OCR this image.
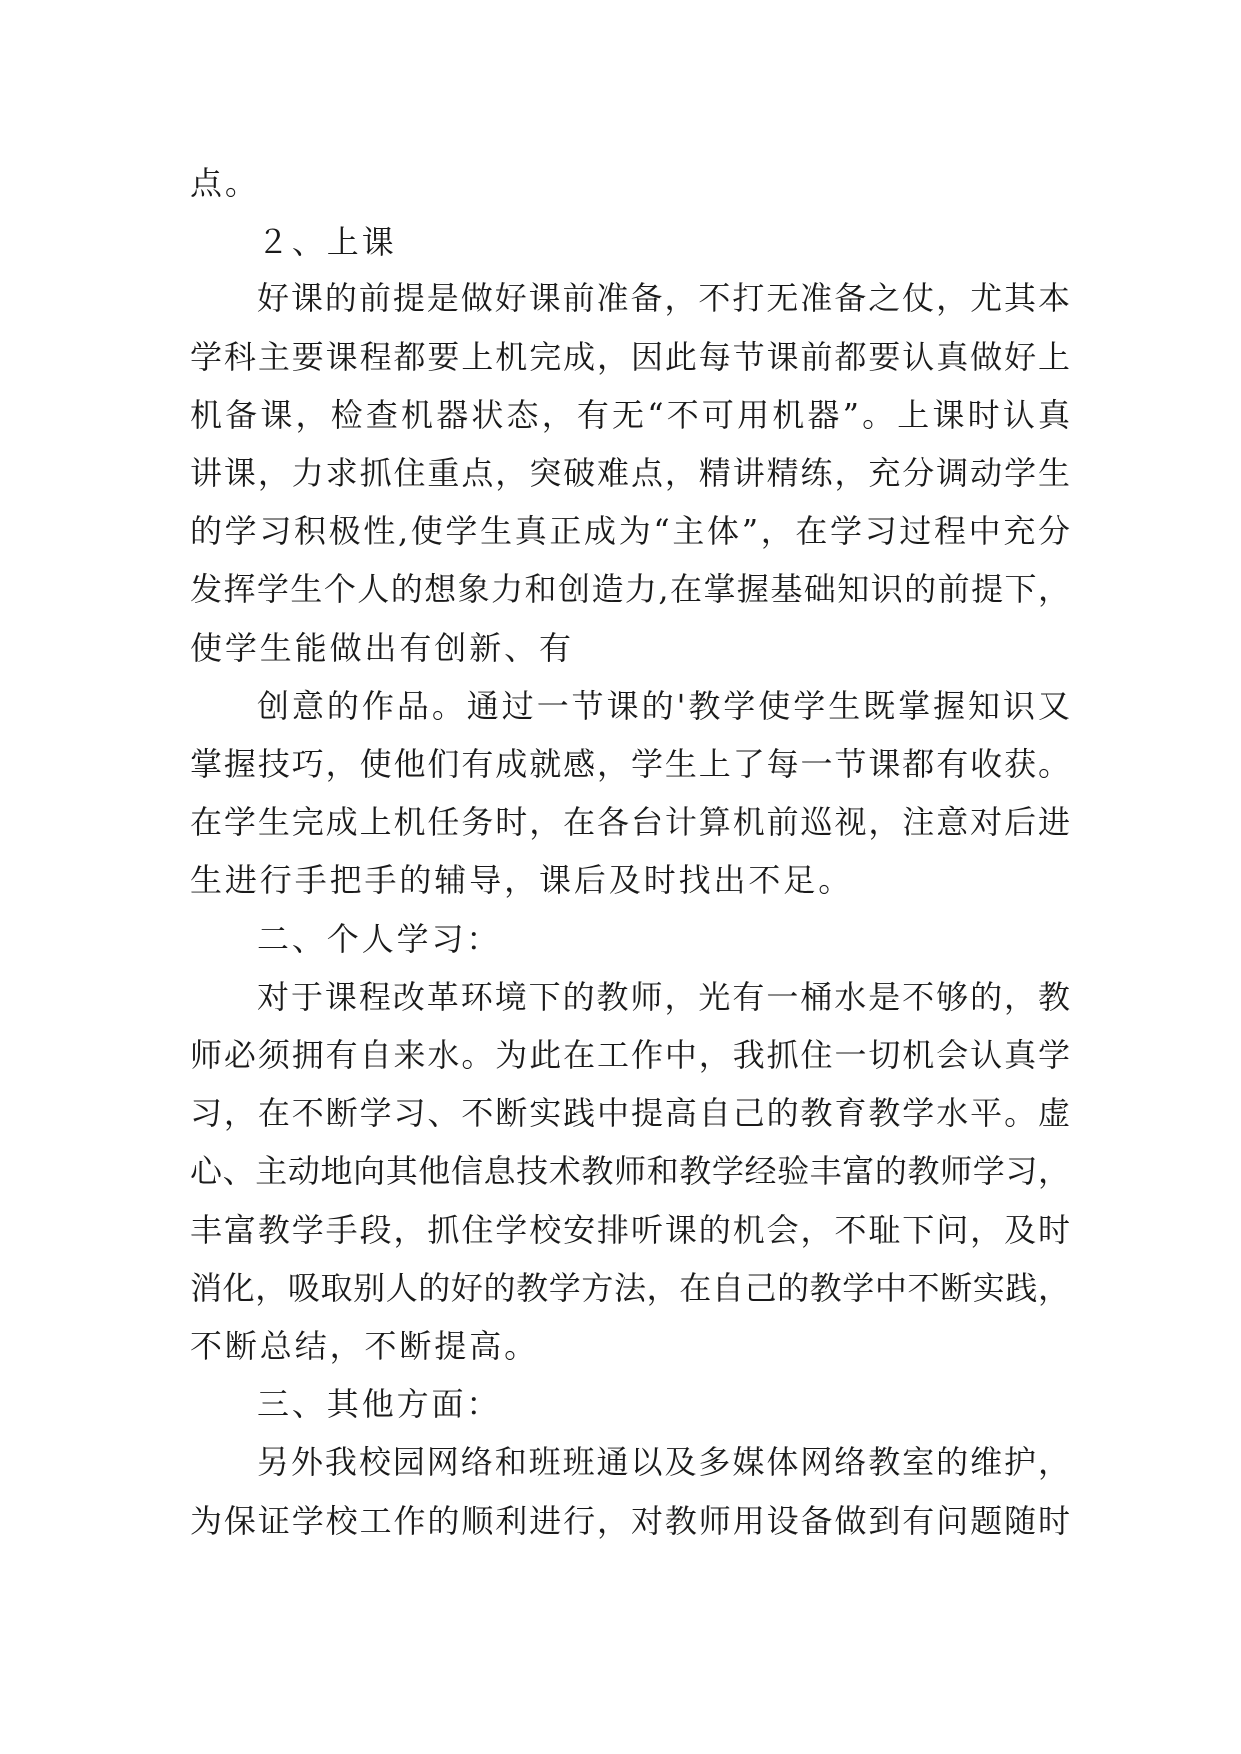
点。
２、上课
好课的前提是做好课前准备，不打无准备之仗，尤其本
学科主要课程都要上机完成，因此每节课前都要认真做好上
机备课，检查机器状态，有无“不可用机器”。上课时认真
讲课，力求抓住重点，突破难点，精讲精练，充分调动学生
的学习积极性,使学生真正成为“主体”，在学习过程中充分
发挥学生个人的想象力和创造力,在掌握基础知识的前提下，
使学生能做出有创新、有
创意的作品。通过一节课的'教学使学生既掌握知识又
掌握技巧，使他们有成就感，学生上了每一节课都有收获。
在学生完成上机任务时，在各台计算机前巡视，注意对后进
生进行手把手的辅导，课后及时找出不足。
二、个人学习：
对于课程改革环境下的教师，光有一桶水是不够的，教
师必须拥有自来水。为此在工作中，我抓住一切机会认真学
习，在不断学习、不断实践中提高自己的教育教学水平。虚
心、主动地向其他信息技术教师和教学经验丰富的教师学习，
丰富教学手段，抓住学校安排听课的机会，不耻下问，及时
消化，吸取别人的好的教学方法，在自己的教学中不断实践，
不断总结，不断提高。
三、其他方面：
另外我校园网络和班班通以及多媒体网络教室的维护，
为保证学校工作的顺利进行，对教师用设备做到有问题随时
